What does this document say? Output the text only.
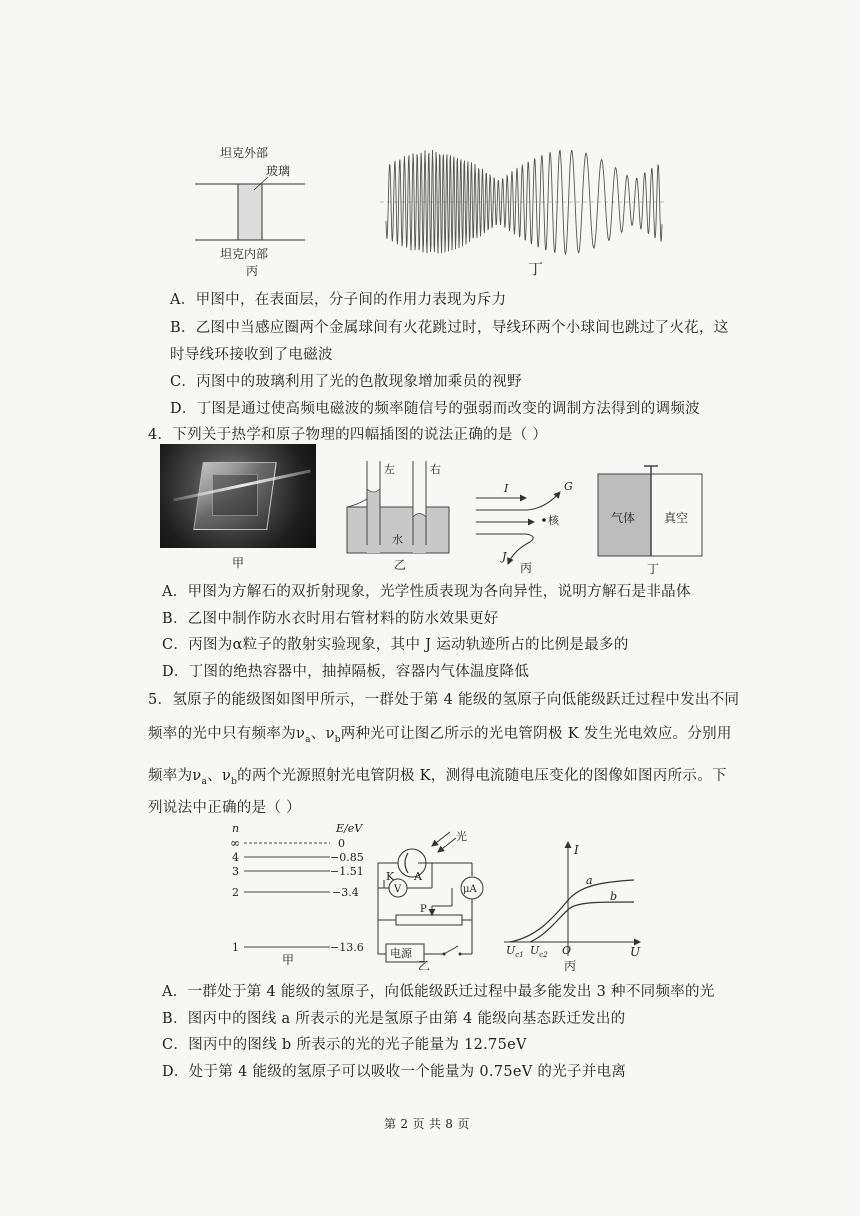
坦克外部
玻璃
坦克内部
丙	丁
A．甲图中，在表面层，分子间的作用力表现为斥力
B．乙图中当感应圈两个金属球间有火花跳过时，导线环两个小球间也跳过了火花，这
时导线环接收到了电磁波
C．丙图中的玻璃利用了光的色散现象增加乘员的视野
D．丁图是通过使高频电磁波的频率随信号的强弱而改变的调制方法得到的调频波
4．下列关于热学和原子物理的四幅插图的说法正确的是（ ）
甲
左	右
水
乙
I	G
核
J
丙
气体 真空
丁
A．甲图为方解石的双折射现象，光学性质表现为各向异性，说明方解石是非晶体
B．乙图中制作防水衣时用右管材料的防水效果更好
C．丙图为α粒子的散射实验现象，其中 J 运动轨迹所占的比例是最多的
D．丁图的绝热容器中，抽掉隔板，容器内气体温度降低
5．氢原子的能级图如图甲所示，一群处于第 4 能级的氢原子向低能级跃迁过程中发出不同
频率的光中只有频率为$\nu_a$、$\nu_b$两种光可让图乙所示的光电管阴极 K 发生光电效应。分别用
频率为$\nu_a$、$\nu_b$的两个光源照射光电管阴极 K，测得电流随电压变化的图像如图丙所示。下
列说法中正确的是（ ）
n	E/eV
∞	0
4	−0.85
3	−1.51
2	−3.4
1	−13.6
甲
光
K A
μA
V
P
电源
乙
I
U
O
a
b
$U_{c1}$ $U_{c2}$
丙
A．一群处于第 4 能级的氢原子，向低能级跃迁过程中最多能发出 3 种不同频率的光
B．图丙中的图线 a 所表示的光是氢原子由第 4 能级向基态跃迁发出的
C．图丙中的图线 b 所表示的光的光子能量为 12.75eV
D．处于第 4 能级的氢原子可以吸收一个能量为 0.75eV 的光子并电离
第 2 页 共 8 页
